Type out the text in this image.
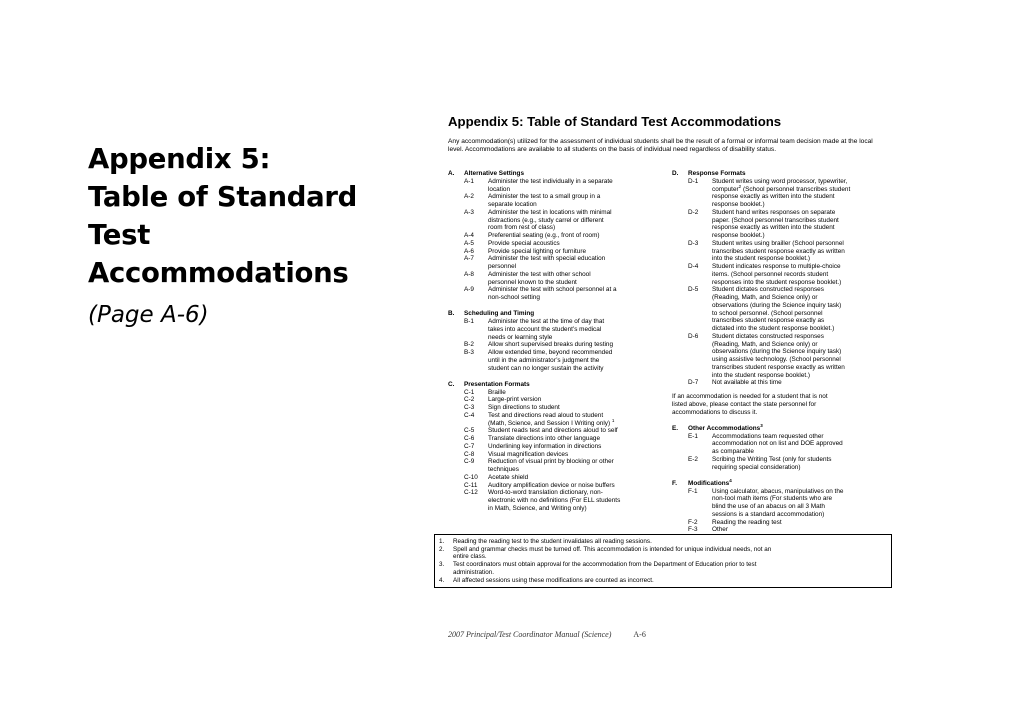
Appendix 5:
Table of Standard
Test
Accommodations
(Page A-6)
Appendix 5: Table of Standard Test Accommodations
Any accommodation(s) utilized for the assessment of individual students shall be the result of a formal or informal team decision made at the local level. Accommodations are available to all students on the basis of individual need regardless of disability status.
A.	Alternative Settings
A-1	Administer the test individually in a separate
location
A-2	Administer the test to a small group in a
separate location
A-3	Administer the test in locations with minimal
distractions (e.g., study carrel or different
room from rest of class)
A-4	Preferential seating (e.g., front of room)
A-5	Provide special acoustics
A-6	Provide special lighting or furniture
A-7	Administer the test with special education
personnel
A-8	Administer the test with other school
personnel known to the student
A-9	Administer the test with school personnel at a
non-school setting
B.	Scheduling and Timing
B-1	Administer the test at the time of day that
takes into account the student’s medical
needs or learning style
B-2	Allow short supervised breaks during testing
B-3	Allow extended time, beyond recommended
until in the administrator’s judgment the
student can no longer sustain the activity
C.	Presentation Formats
C-1	Braille
C-2	Large-print version
C-3	Sign directions to student
C-4	Test and directions read aloud to student
(Math, Science, and Session I Writing only) $^1$
C-5	Student reads test and directions aloud to self
C-6	Translate directions into other language
C-7	Underlining key information in directions
C-8	Visual magnification devices
C-9	Reduction of visual print by blocking or other
techniques
C-10	Acetate shield
C-11	Auditory amplification device or noise buffers
C-12	Word-to-word translation dictionary, non-
electronic with no definitions (For ELL students
in Math, Science, and Writing only)
D.	Response Formats
D-1	Student writes using word processor, typewriter,
computer$^2$ (School personnel transcribes student
response exactly as written into the student
response booklet.)
D-2	Student hand writes responses on separate
paper. (School personnel transcribes student
response exactly as written into the student
response booklet.)
D-3	Student writes using brailler (School personnel
transcribes student response exactly as written
into the student response booklet.)
D-4	Student indicates response to multiple-choice
items. (School personnel records student
responses into the student response booklet.)
D-5	Student dictates constructed responses
(Reading, Math, and Science only) or
observations (during the Science inquiry task)
to school personnel. (School personnel
transcribes student response exactly as
dictated into the student response booklet.)
D-6	Student dictates constructed responses
(Reading, Math, and Science only) or
observations (during the Science inquiry task)
using assistive technology. (School personnel
transcribes student response exactly as written
into the student response booklet.)
D-7	Not available at this time
If an accommodation is needed for a student that is not
listed above, please contact the state personnel for
accommodations to discuss it.
E.	Other Accommodations$^3$
E-1	Accommodations team requested other
accommodation not on list and DOE approved
as comparable
E-2	Scribing the Writing Test (only for students
requiring special consideration)
F.	Modifications$^4$
F-1	Using calculator, abacus, manipulatives on the
non-tool math items (For students who are
blind the use of an abacus on all 3 Math
sessions is a standard accommodation)
F-2	Reading the reading test
F-3	Other
1.	Reading the reading test to the student invalidates all reading sessions.
2.	Spell and grammar checks must be turned off. This accommodation is intended for unique individual needs, not an
entire class.
3.	Test coordinators must obtain approval for the accommodation from the Department of Education prior to test
administration.
4.	All affected sessions using these modifications are counted as incorrect.
2007 Principal/Test Coordinator Manual (Science)	A-6
